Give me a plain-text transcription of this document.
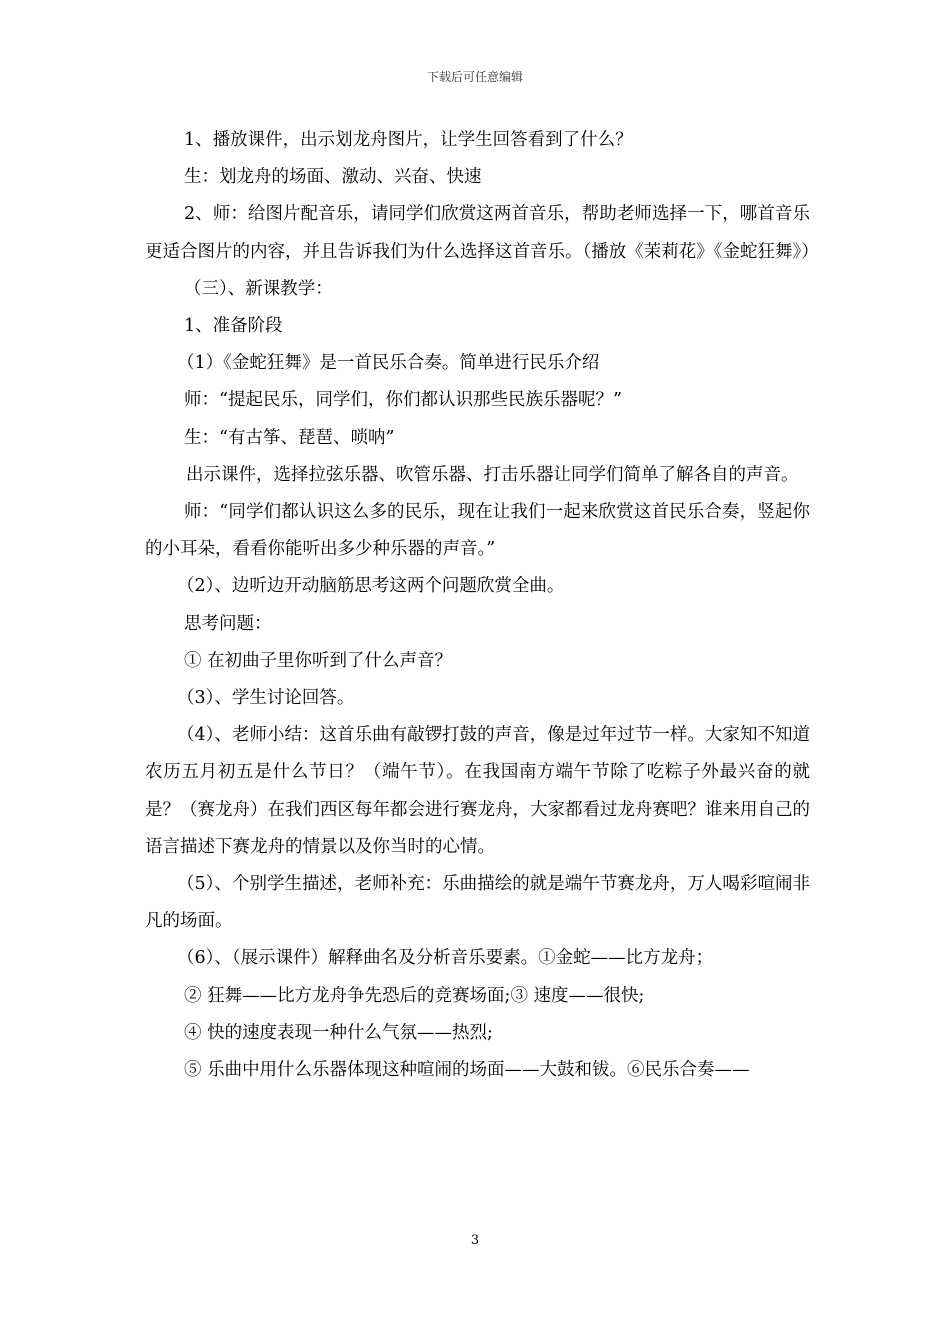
下载后可任意编辑

1、播放课件，出示划龙舟图片，让学生回答看到了什么？

生：划龙舟的场面、激动、兴奋、快速

2、师：给图片配音乐，请同学们欣赏这两首音乐，帮助老师选择一下，哪首音乐更适合图片的内容，并且告诉我们为什么选择这首音乐。（播放《茉莉花》《金蛇狂舞》）

（三）、新课教学：

1、准备阶段

（1）《金蛇狂舞》是一首民乐合奏。简单进行民乐介绍

师：“提起民乐，同学们，你们都认识那些民族乐器呢？”

生：“有古筝、琵琶、唢呐”

出示课件，选择拉弦乐器、吹管乐器、打击乐器让同学们简单了解各自的声音。

师：“同学们都认识这么多的民乐，现在让我们一起来欣赏这首民乐合奏，竖起你的小耳朵，看看你能听出多少种乐器的声音。”

（2）、边听边开动脑筋思考这两个问题欣赏全曲。

思考问题：

① 在初曲子里你听到了什么声音？

（3）、学生讨论回答。

（4）、老师小结：这首乐曲有敲锣打鼓的声音，像是过年过节一样。大家知不知道农历五月初五是什么节日？（端午节）。在我国南方端午节除了吃粽子外最兴奋的就是？（赛龙舟）在我们西区每年都会进行赛龙舟，大家都看过龙舟赛吧？谁来用自己的语言描述下赛龙舟的情景以及你当时的心情。

（5）、个别学生描述，老师补充：乐曲描绘的就是端午节赛龙舟，万人喝彩喧闹非凡的场面。

（6）、（展示课件）解释曲名及分析音乐要素。①金蛇——比方龙舟；

② 狂舞——比方龙舟争先恐后的竞赛场面;③ 速度——很快;

④ 快的速度表现一种什么气氛——热烈;

⑤ 乐曲中用什么乐器体现这种喧闹的场面——大鼓和钹。⑥民乐合奏——

3
